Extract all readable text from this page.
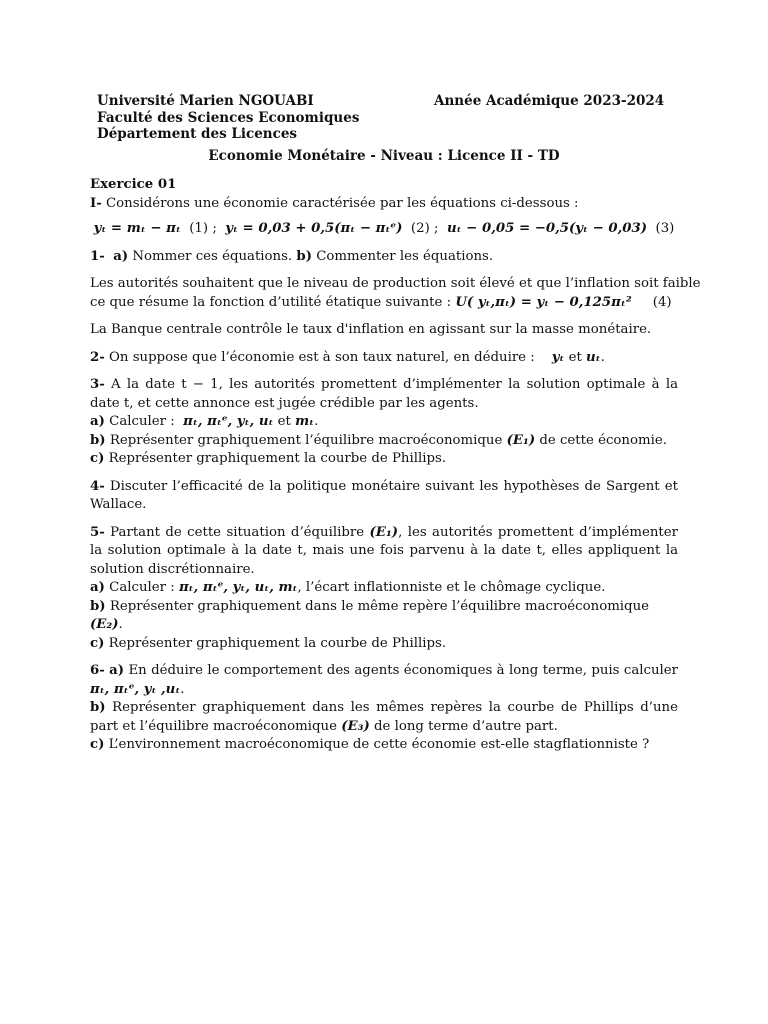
Université Marien NGOUABI
Faculté des Sciences Economiques
Département des Licences
Année Académique 2023-2024
Economie Monétaire - Niveau : Licence II - TD

Exercice 01

I- Considérons une économie caractérisée par les équations ci-dessous :

yₜ = mₜ − πₜ (1) ; yₜ = 0,03 + 0,5(πₜ − πₜᵉ) (2) ; uₜ − 0,05 = −0,5(yₜ − 0,03) (3)

1- a) Nommer ces équations. b) Commenter les équations.

Les autorités souhaitent que le niveau de production soit élevé et que l’inflation soit faible
ce que résume la fonction d’utilité étatique suivante : U( yₜ,πₜ) = yₜ − 0,125πₜ² (4)

La Banque centrale contrôle le taux d'inflation en agissant sur la masse monétaire.

2- On suppose que l’économie est à son taux naturel, en déduire :    yₜ et uₜ.

3- A la date t − 1, les autorités promettent d’implémenter la solution optimale à la date t, et cette annonce est jugée crédible par les agents.

a) Calculer :  πₜ, πₜᵉ, yₜ, uₜ et mₜ.

b) Représenter graphiquement l’équilibre macroéconomique (E₁) de cette économie.

c) Représenter graphiquement la courbe de Phillips.

4- Discuter l’efficacité de la politique monétaire suivant les hypothèses de Sargent et Wallace.

5- Partant de cette situation d’équilibre (E₁), les autorités promettent d’implémenter la solution optimale à la date t, mais une fois parvenu à la date t, elles appliquent la solution discrétionnaire.

a) Calculer : πₜ, πₜᵉ, yₜ, uₜ, mₜ, l’écart inflationniste et le chômage cyclique.

b) Représenter graphiquement dans le même repère l’équilibre macroéconomique (E₂).

c) Représenter graphiquement la courbe de Phillips.

6- a) En déduire le comportement des agents économiques à long terme, puis calculer πₜ, πₜᵉ, yₜ ,uₜ.

b) Représenter graphiquement dans les mêmes repères la courbe de Phillips d’une part et l’équilibre macroéconomique (E₃) de long terme d’autre part.

c) L’environnement macroéconomique de cette économie est-elle stagflationniste ?
